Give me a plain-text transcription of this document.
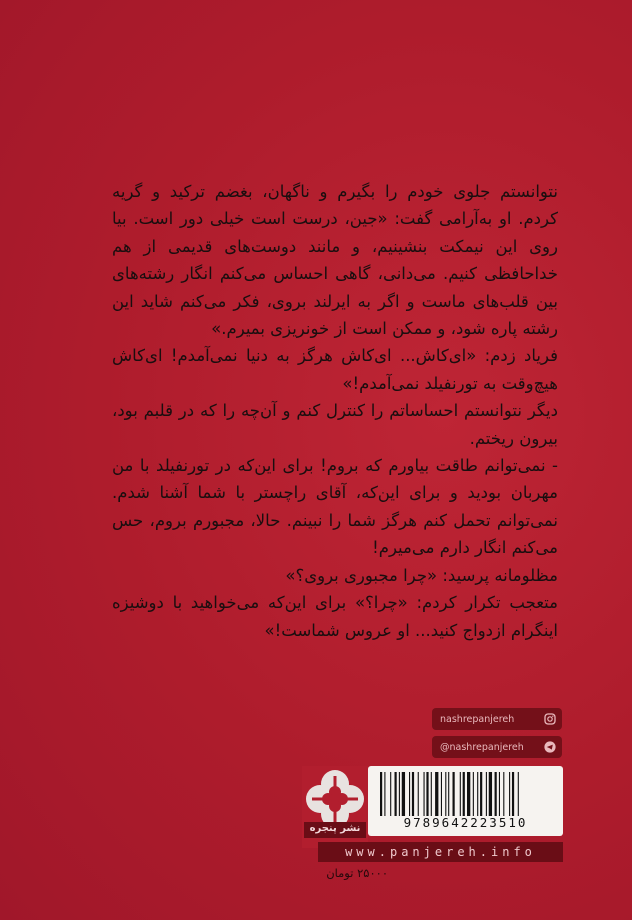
نتوانستم جلوی خودم را بگیرم و ناگهان، بغضم ترکید و گریه کردم. او به‌آرامی گفت: «جین، درست است خیلی دور است. بیا روی این نیمکت بنشینیم، و مانند دوست‌های قدیمی از هم خداحافظی کنیم. می‌دانی، گاهی احساس می‌کنم انگار رشته‌های بین قلب‌های ماست و اگر به ایرلند بروی، فکر می‌کنم شاید این رشته پاره شود، و ممکن است از خونریزی بمیرم.»

فریاد زدم: «ای‌کاش... ای‌کاش هرگز به دنیا نمی‌آمدم! ای‌کاش هیچ‌وقت به تورنفیلد نمی‌آمدم!»

دیگر نتوانستم احساساتم را کنترل کنم و آن‌چه را که در قلبم بود، بیرون ریختم.

- نمی‌توانم طاقت بیاورم که بروم! برای این‌که در تورنفیلد با من مهربان بودید و برای این‌که، آقای راچستر با شما آشنا شدم. نمی‌توانم تحمل کنم هرگز شما را نبینم. حالا، مجبورم بروم، حس می‌کنم انگار دارم می‌میرم!

مظلومانه پرسید: «چرا مجبوری بروی؟»

متعجب تکرار کردم: «چرا؟» برای این‌که می‌خواهید با دوشیزه اینگرام ازدواج کنید... او عروس شماست!»

nashrepanjereh
@nashrepanjereh
نشر پنجره	9789642223510
www.panjereh.info
۲۵۰۰۰ تومان
